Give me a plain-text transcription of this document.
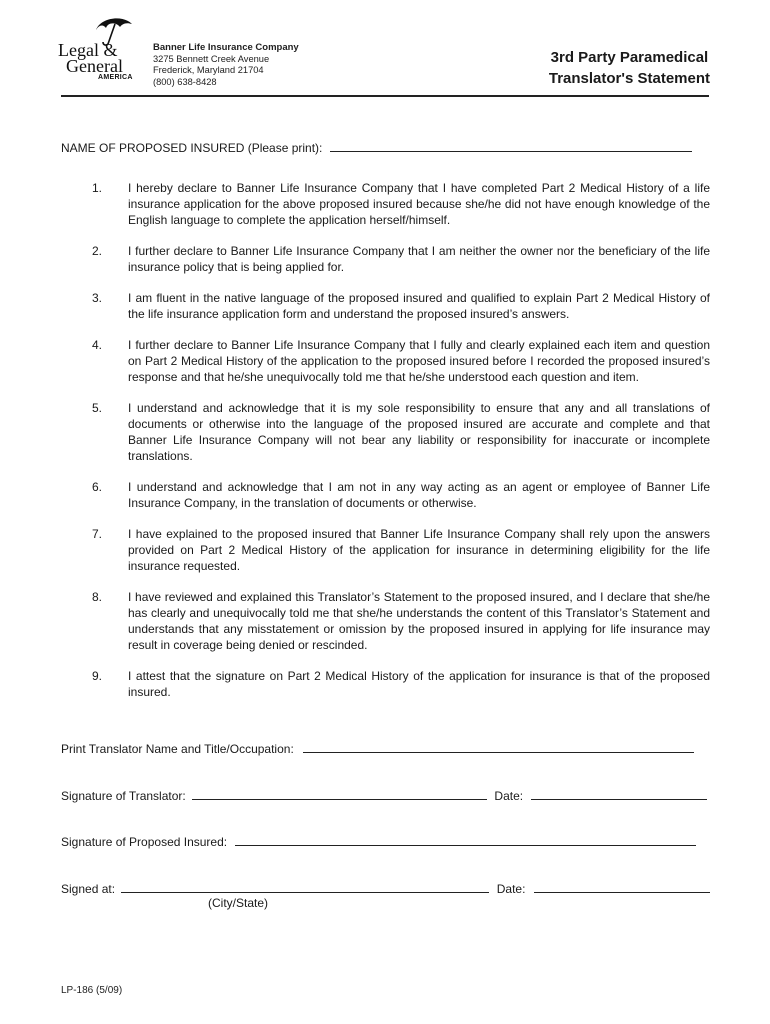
Legal &
General
AMERICA
Banner Life Insurance Company
3275 Bennett Creek Avenue
Frederick, Maryland 21704
(800) 638-8428
3rd Party Paramedical
Translator's Statement
NAME OF PROPOSED INSURED (Please print):
1.	I hereby declare to Banner Life Insurance Company that I have completed Part 2 Medical History of a life insurance application for the above proposed insured because she/he did not have enough knowledge of the English language to complete the application herself/himself.
2.	I further declare to Banner Life Insurance Company that I am neither the owner nor the beneficiary of the life insurance policy that is being applied for.
3.	I am fluent in the native language of the proposed insured and qualified to explain Part 2 Medical History of the life insurance application form and understand the proposed insured’s answers.
4.	I further declare to Banner Life Insurance Company that I fully and clearly explained each item and question on Part 2 Medical History of the application to the proposed insured before I recorded the proposed insured’s response and that he/she unequivocally told me that he/she understood each question and item.
5.	I understand and acknowledge that it is my sole responsibility to ensure that any and all translations of documents or otherwise into the language of the proposed insured are accurate and complete and that Banner Life Insurance Company will not bear any liability or responsibility for inaccurate or incomplete translations.
6.	I understand and acknowledge that I am not in any way acting as an agent or employee of Banner Life Insurance Company, in the translation of documents or otherwise.
7.	I have explained to the proposed insured that Banner Life Insurance Company shall rely upon the answers provided on Part 2 Medical History of the application for insurance in determining eligibility for the life insurance requested.
8.	I have reviewed and explained this Translator’s Statement to the proposed insured, and I declare that she/he has clearly and unequivocally told me that she/he understands the content of this Translator’s Statement and understands that any misstatement or omission by the proposed insured in applying for life insurance may result in coverage being denied or rescinded.
9.	I attest that the signature on Part 2 Medical History of the application for insurance is that of the proposed insured.
Print Translator Name and Title/Occupation:
Signature of Translator:	Date:
Signature of Proposed Insured:
Signed at:	Date:
(City/State)
LP-186 (5/09)
